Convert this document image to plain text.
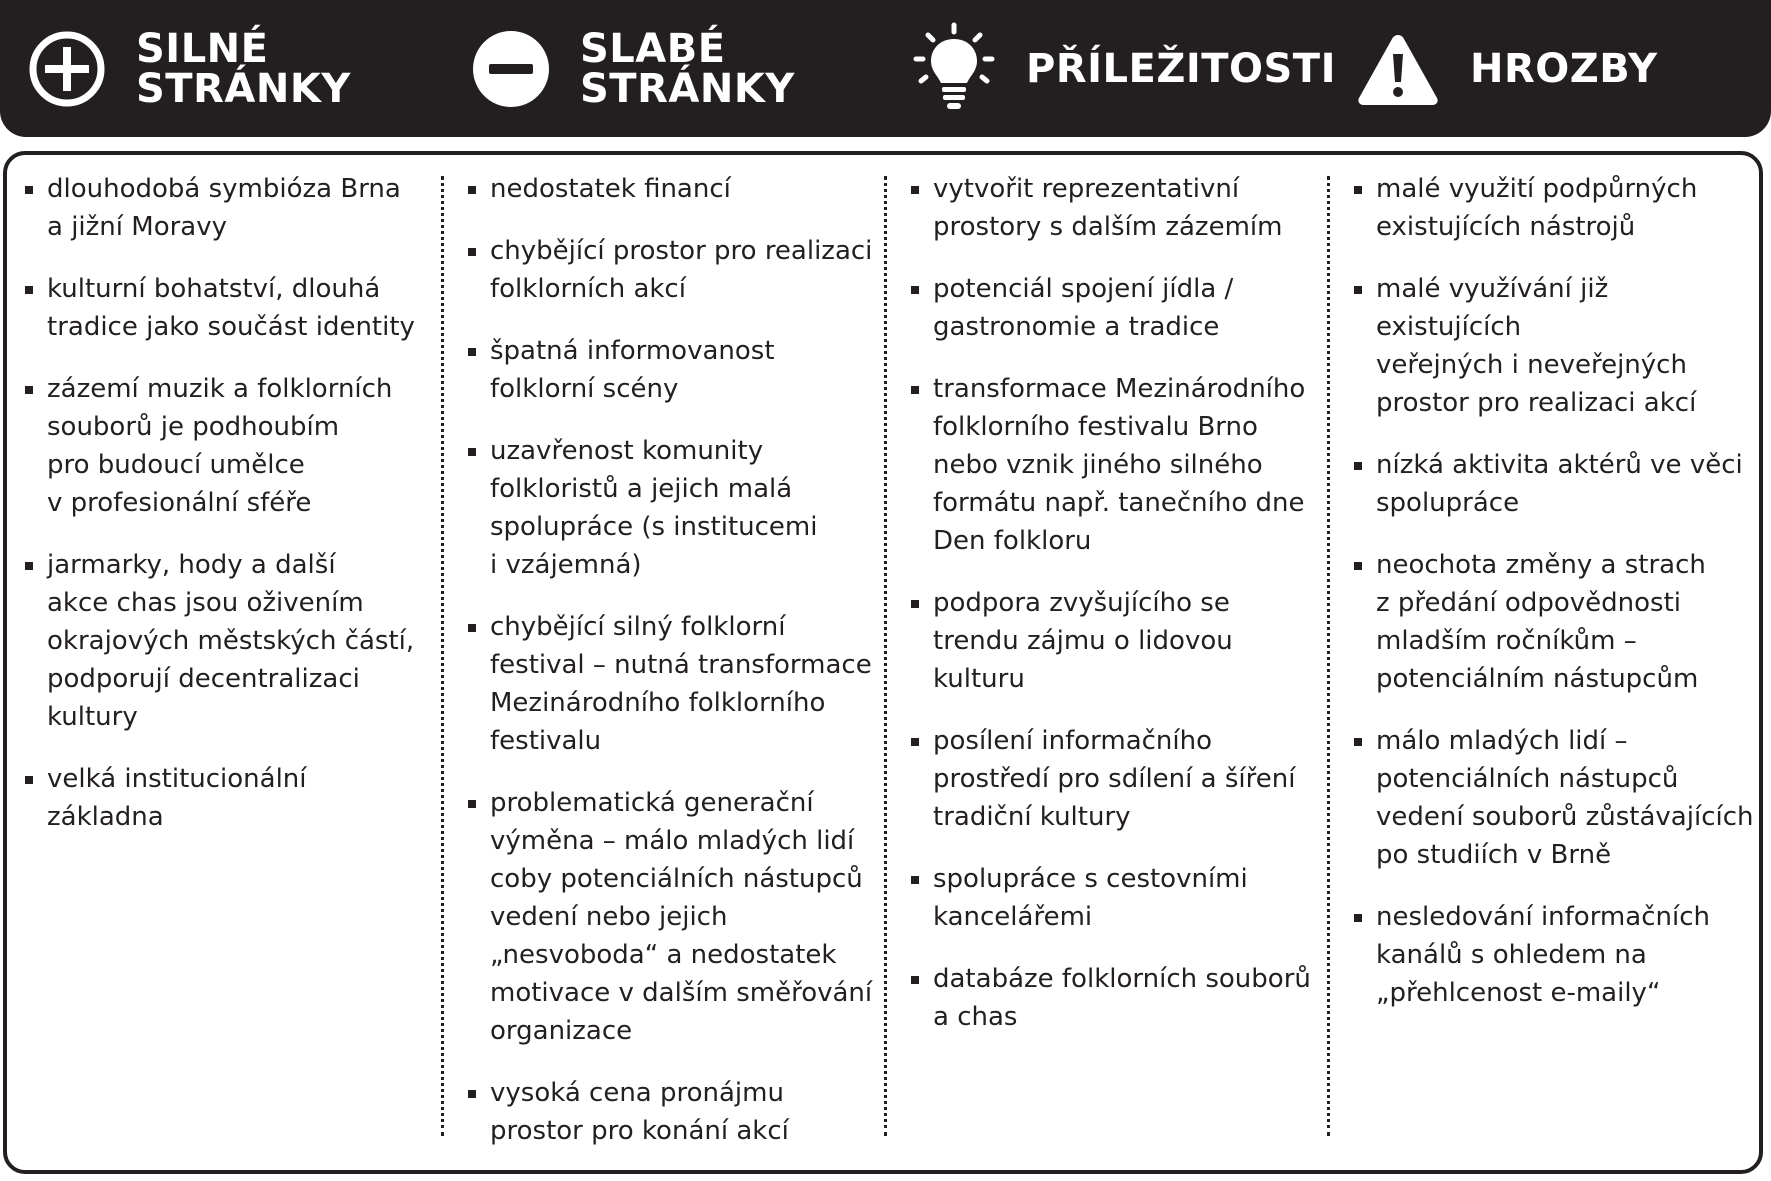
SILNÉ
STRÁNKY
SLABÉ
STRÁNKY	PŘÍLEŽITOSTI	HROZBY
dlouhodobá symbióza Brna
a jižní Moravy
kulturní bohatství, dlouhá
tradice jako součást identity
zázemí muzik a folklorních
souborů je podhoubím
pro budoucí umělce
v profesionální sféře
jarmarky, hody a další
akce chas jsou oživením
okrajových městských částí,
podporují decentralizaci
kultury
velká institucionální základna
nedostatek financí
chybějící prostor pro realizaci
folklorních akcí
špatná informovanost
folklorní scény
uzavřenost komunity
folkloristů a jejich malá
spolupráce (s institucemi
i vzájemná)
chybějící silný folklorní
festival – nutná transformace
Mezinárodního folklorního
festivalu
problematická generační
výměna – málo mladých lidí
coby potenciálních nástupců
vedení nebo jejich
„nesvoboda“ a nedostatek
motivace v dalším směřování
organizace
vysoká cena pronájmu
prostor pro konání akcí
vytvořit reprezentativní
prostory s dalším zázemím
potenciál spojení jídla /
gastronomie a tradice
transformace Mezinárodního
folklorního festivalu Brno
nebo vznik jiného silného
formátu např. tanečního dne
Den folkloru
podpora zvyšujícího se
trendu zájmu o lidovou
kulturu
posílení informačního
prostředí pro sdílení a šíření
tradiční kultury
spolupráce s cestovními
kancelářemi
databáze folklorních souborů
a chas
malé využití podpůrných
existujících nástrojů
malé využívání již existujících
veřejných i neveřejných
prostor pro realizaci akcí
nízká aktivita aktérů ve věci
spolupráce
neochota změny a strach
z předání odpovědnosti
mladším ročníkům –
potenciálním nástupcům
málo mladých lidí –
potenciálních nástupců
vedení souborů zůstávajících
po studiích v Brně
nesledování informačních
kanálů s ohledem na
„přehlcenost e-maily“
